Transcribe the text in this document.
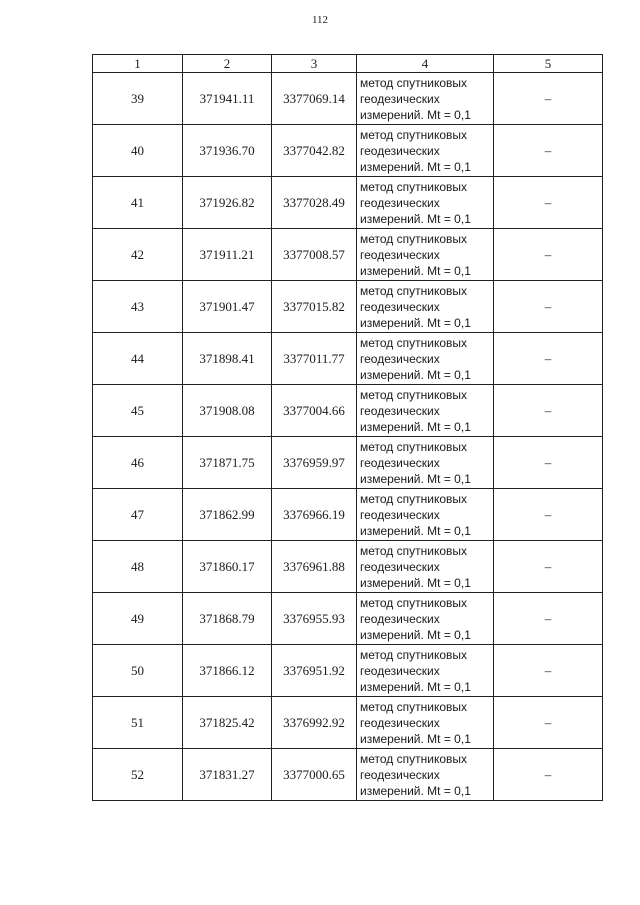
112
1	2	3	4	5
39	371941.11	3377069.14	метод спутниковых
геодезических
измерений. Mt = 0,1	–
40	371936.70	3377042.82	метод спутниковых
геодезических
измерений. Mt = 0,1	–
41	371926.82	3377028.49	метод спутниковых
геодезических
измерений. Mt = 0,1	–
42	371911.21	3377008.57	метод спутниковых
геодезических
измерений. Mt = 0,1	–
43	371901.47	3377015.82	метод спутниковых
геодезических
измерений. Mt = 0,1	–
44	371898.41	3377011.77	метод спутниковых
геодезических
измерений. Mt = 0,1	–
45	371908.08	3377004.66	метод спутниковых
геодезических
измерений. Mt = 0,1	–
46	371871.75	3376959.97	метод спутниковых
геодезических
измерений. Mt = 0,1	–
47	371862.99	3376966.19	метод спутниковых
геодезических
измерений. Mt = 0,1	–
48	371860.17	3376961.88	метод спутниковых
геодезических
измерений. Mt = 0,1	–
49	371868.79	3376955.93	метод спутниковых
геодезических
измерений. Mt = 0,1	–
50	371866.12	3376951.92	метод спутниковых
геодезических
измерений. Mt = 0,1	–
51	371825.42	3376992.92	метод спутниковых
геодезических
измерений. Mt = 0,1	–
52	371831.27	3377000.65	метод спутниковых
геодезических
измерений. Mt = 0,1	–
